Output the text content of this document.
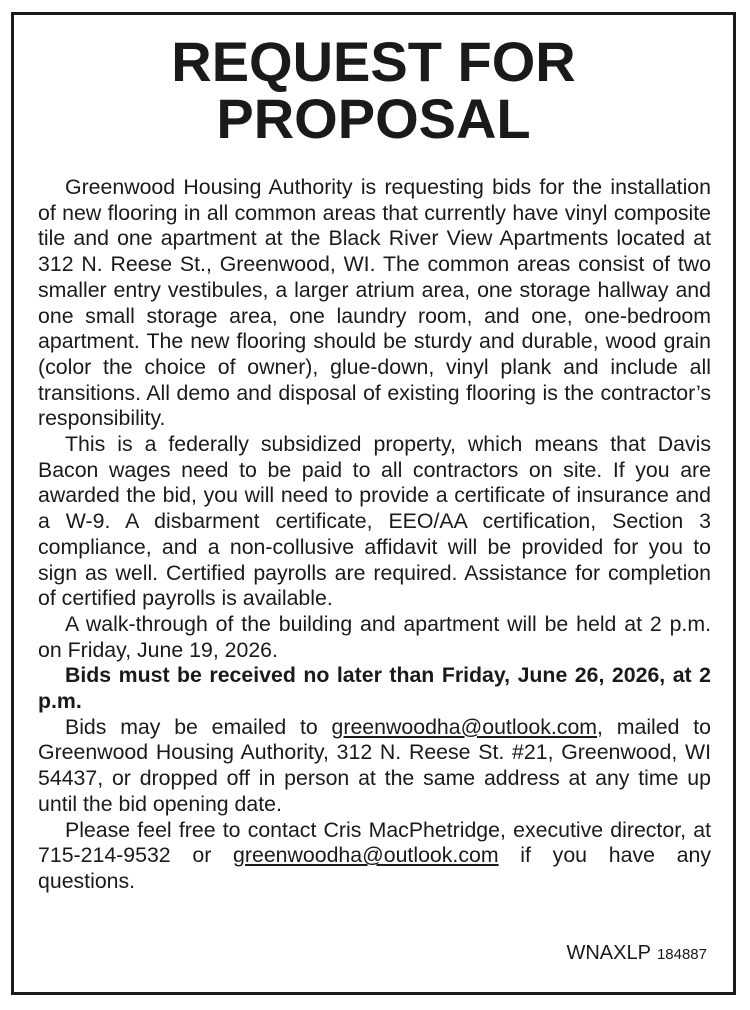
REQUEST FOR
PROPOSAL

Greenwood Housing Authority is requesting bids for the installation of new flooring in all common areas that currently have vinyl composite tile and one apartment at the Black River View Apartments located at 312 N. Reese St., Greenwood, WI. The common areas consist of two smaller entry vestibules, a larger atrium area, one storage hallway and one small storage area, one laundry room, and one, one-bedroom apartment. The new flooring should be sturdy and durable, wood grain (color the choice of owner), glue-down, vinyl plank and include all transitions. All demo and disposal of existing flooring is the contractor’s responsibility.

This is a federally subsidized property, which means that Davis Bacon wages need to be paid to all contractors on site. If you are awarded the bid, you will need to provide a certificate of insurance and a W-9. A disbarment certificate, EEO/​AA certification, Section 3 compliance, and a non-collusive affidavit will be provided for you to sign as well. Certified payrolls are required. Assistance for completion of certified payrolls is available.

A walk-through of the building and apartment will be held at 2 p.m. on Friday, June 19, 2026.

Bids must be received no later than Friday, June 26, 2026, at 2 p.m.

Bids may be emailed to greenwoodha@outlook.com, mailed to Greenwood Housing Authority, 312 N. Reese St. #21, Greenwood, WI 54437, or dropped off in person at the same address at any time up until the bid opening date.

Please feel free to contact Cris MacPhetridge, executive director, at 715-214-9532 or greenwoodha@outlook.com if you have any questions.

WNAXLP 184887
